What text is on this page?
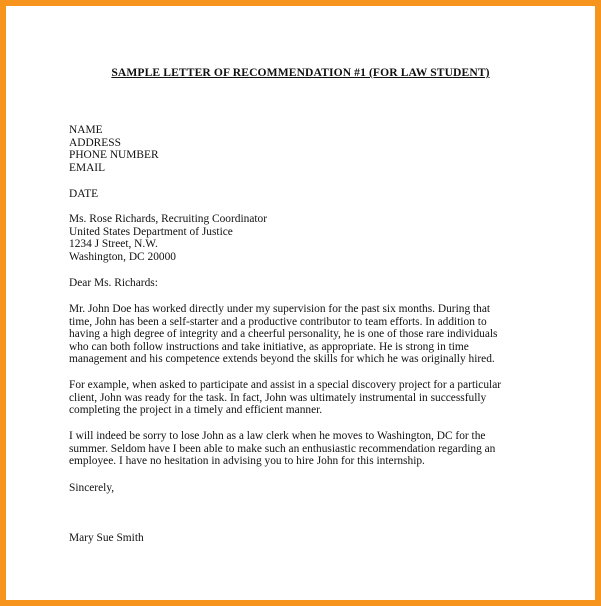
SAMPLE LETTER OF RECOMMENDATION #1 (FOR LAW STUDENT)
NAME
ADDRESS
PHONE NUMBER
EMAIL
DATE
Ms. Rose Richards, Recruiting Coordinator
United States Department of Justice
1234 J Street, N.W.
Washington, DC 20000
Dear Ms. Richards:
Mr. John Doe has worked directly under my supervision for the past six months. During that
time, John has been a self-starter and a productive contributor to team efforts. In addition to
having a high degree of integrity and a cheerful personality, he is one of those rare individuals
who can both follow instructions and take initiative, as appropriate. He is strong in time
management and his competence extends beyond the skills for which he was originally hired.
For example, when asked to participate and assist in a special discovery project for a particular
client, John was ready for the task. In fact, John was ultimately instrumental in successfully
completing the project in a timely and efficient manner.
I will indeed be sorry to lose John as a law clerk when he moves to Washington, DC for the
summer. Seldom have I been able to make such an enthusiastic recommendation regarding an
employee. I have no hesitation in advising you to hire John for this internship.
Sincerely,
Mary Sue Smith
